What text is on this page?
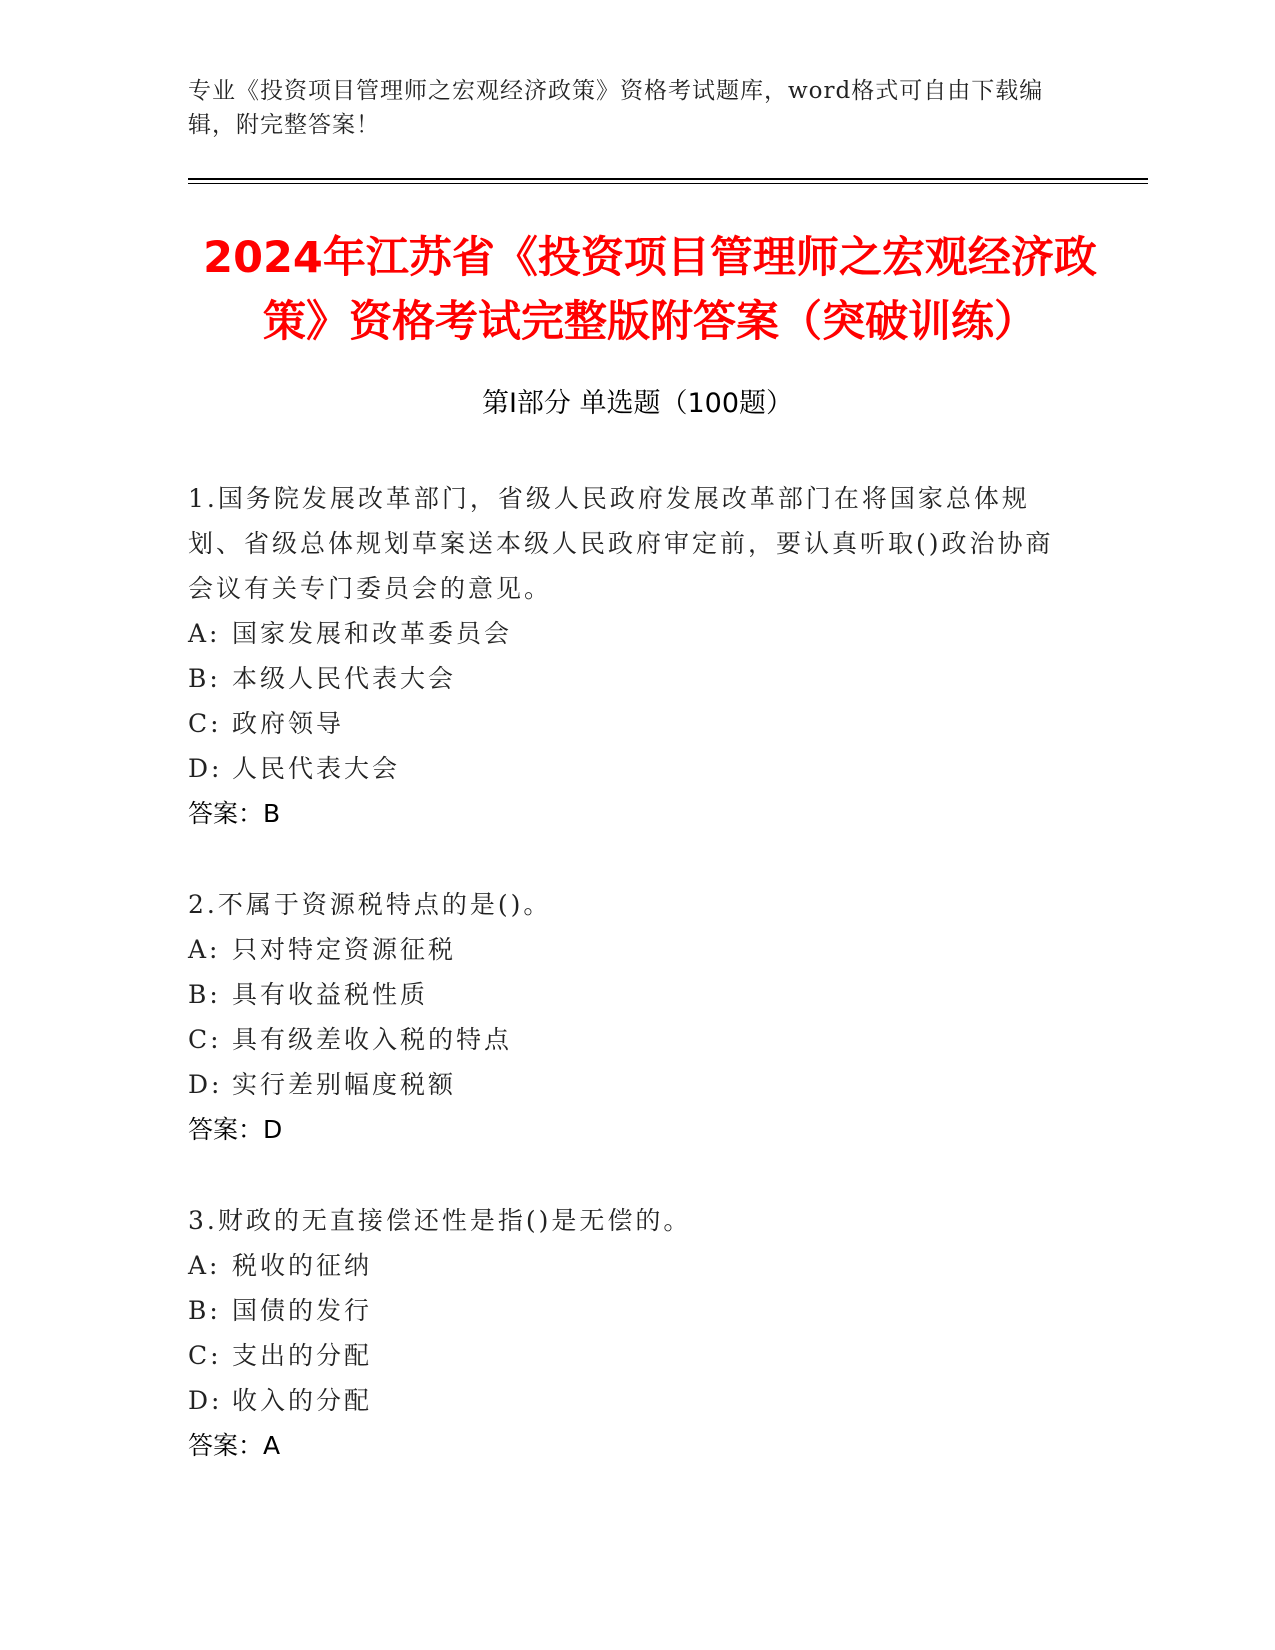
专业《投资项目管理师之宏观经济政策》资格考试题库，word格式可自由下载编辑，附完整答案！
2024年江苏省《投资项目管理师之宏观经济政策》资格考试完整版附答案（突破训练）
第I部分 单选题（100题）
1.国务院发展改革部门，省级人民政府发展改革部门在将国家总体规划、省级总体规划草案送本级人民政府审定前，要认真听取()政治协商会议有关专门委员会的意见。
A: 国家发展和改革委员会
B: 本级人民代表大会
C: 政府领导
D: 人民代表大会
答案：B
2.不属于资源税特点的是()。
A: 只对特定资源征税
B: 具有收益税性质
C: 具有级差收入税的特点
D: 实行差别幅度税额
答案：D
3.财政的无直接偿还性是指()是无偿的。
A: 税收的征纳
B: 国债的发行
C: 支出的分配
D: 收入的分配
答案：A
